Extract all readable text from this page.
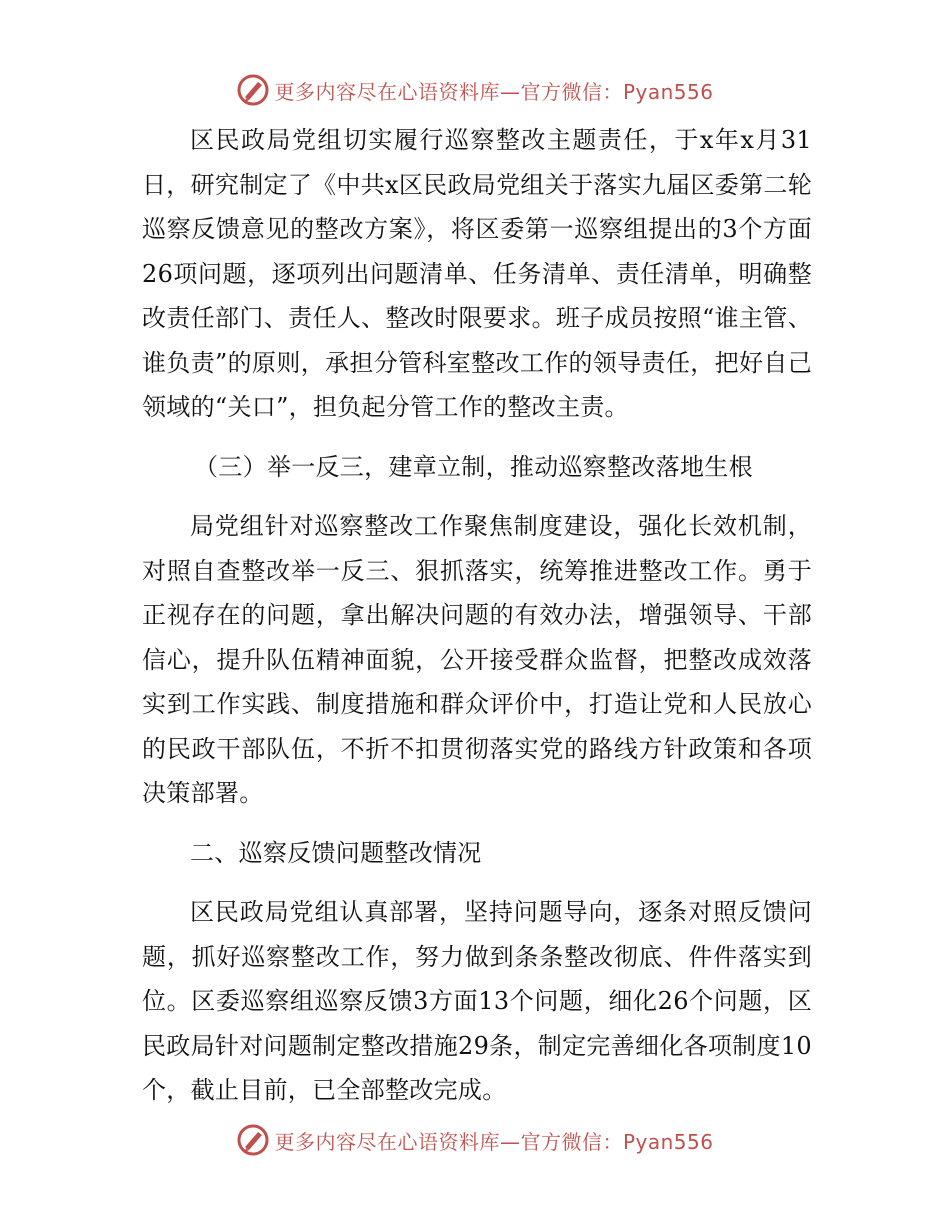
更多内容尽在心语资料库—官方微信：Pyan556

区民政局党组切实履行巡察整改主题责任，于x年x月31日，研究制定了《中共x区民政局党组关于落实九届区委第二轮巡察反馈意见的整改方案》，将区委第一巡察组提出的3个方面26项问题，逐项列出问题清单、任务清单、责任清单，明确整改责任部门、责任人、整改时限要求。班子成员按照“谁主管、谁负责”的原则，承担分管科室整改工作的领导责任，把好自己领域的“关口”，担负起分管工作的整改主责。

（三）举一反三，建章立制，推动巡察整改落地生根

局党组针对巡察整改工作聚焦制度建设，强化长效机制，对照自查整改举一反三、狠抓落实，统筹推进整改工作。勇于正视存在的问题，拿出解决问题的有效办法，增强领导、干部信心，提升队伍精神面貌，公开接受群众监督，把整改成效落实到工作实践、制度措施和群众评价中，打造让党和人民放心的民政干部队伍，不折不扣贯彻落实党的路线方针政策和各项决策部署。

二、巡察反馈问题整改情况

区民政局党组认真部署，坚持问题导向，逐条对照反馈问题，抓好巡察整改工作，努力做到条条整改彻底、件件落实到位。区委巡察组巡察反馈3方面13个问题，细化26个问题，区民政局针对问题制定整改措施29条，制定完善细化各项制度10个，截止目前，已全部整改完成。

更多内容尽在心语资料库—官方微信：Pyan556
